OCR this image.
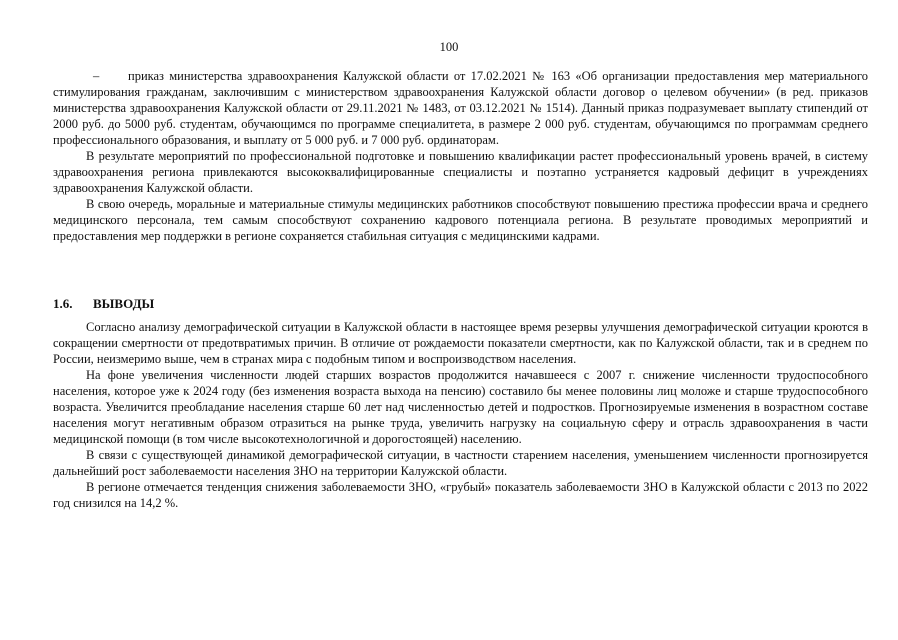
100

– приказ министерства здравоохранения Калужской области от 17.02.2021 № 163 «Об организации предоставления мер материального стимулирования гражданам, заключившим с министерством здравоохранения Калужской области договор о целевом обучении» (в ред. приказов министерства здравоохранения Калужской области от 29.11.2021 № 1483, от 03.12.2021 № 1514). Данный приказ подразумевает выплату стипендий от 2000 руб. до 5000 руб. студентам, обучающимся по программе специалитета, в размере 2 000 руб. студентам, обучающимся по программам среднего профессионального образования, и выплату от 5 000 руб. и 7 000 руб. ординаторам.

В результате мероприятий по профессиональной подготовке и повышению квалификации растет профессиональный уровень врачей, в систему здравоохранения региона привлекаются высококвалифицированные специалисты и поэтапно устраняется кадровый дефицит в учреждениях здравоохранения Калужской области.

В свою очередь, моральные и материальные стимулы медицинских работников способствуют повышению престижа профессии врача и среднего медицинского персонала, тем самым способствуют сохранению кадрового потенциала региона. В результате проводимых мероприятий и предоставления мер поддержки в регионе сохраняется стабильная ситуация с медицинскими кадрами.

1.6. ВЫВОДЫ

Согласно анализу демографической ситуации в Калужской области в настоящее время резервы улучшения демографической ситуации кроются в сокращении смертности от предотвратимых причин. В отличие от рождаемости показатели смертности, как по Калужской области, так и в среднем по России, неизмеримо выше, чем в странах мира с подобным типом и воспроизводством населения.

На фоне увеличения численности людей старших возрастов продолжится начавшееся с 2007 г. снижение численности трудоспособного населения, которое уже к 2024 году (без изменения возраста выхода на пенсию) составило бы менее половины лиц моложе и старше трудоспособного возраста. Увеличится преобладание населения старше 60 лет над численностью детей и подростков. Прогнозируемые изменения в возрастном составе населения могут негативным образом отразиться на рынке труда, увеличить нагрузку на социальную сферу и отрасль здравоохранения в части медицинской помощи (в том числе высокотехнологичной и дорогостоящей) населению.

В связи с существующей динамикой демографической ситуации, в частности старением населения, уменьшением численности прогнозируется дальнейший рост заболеваемости населения ЗНО на территории Калужской области.

В регионе отмечается тенденция снижения заболеваемости ЗНО, «грубый» показатель заболеваемости ЗНО в Калужской области с 2013 по 2022 год снизился на 14,2 %.
